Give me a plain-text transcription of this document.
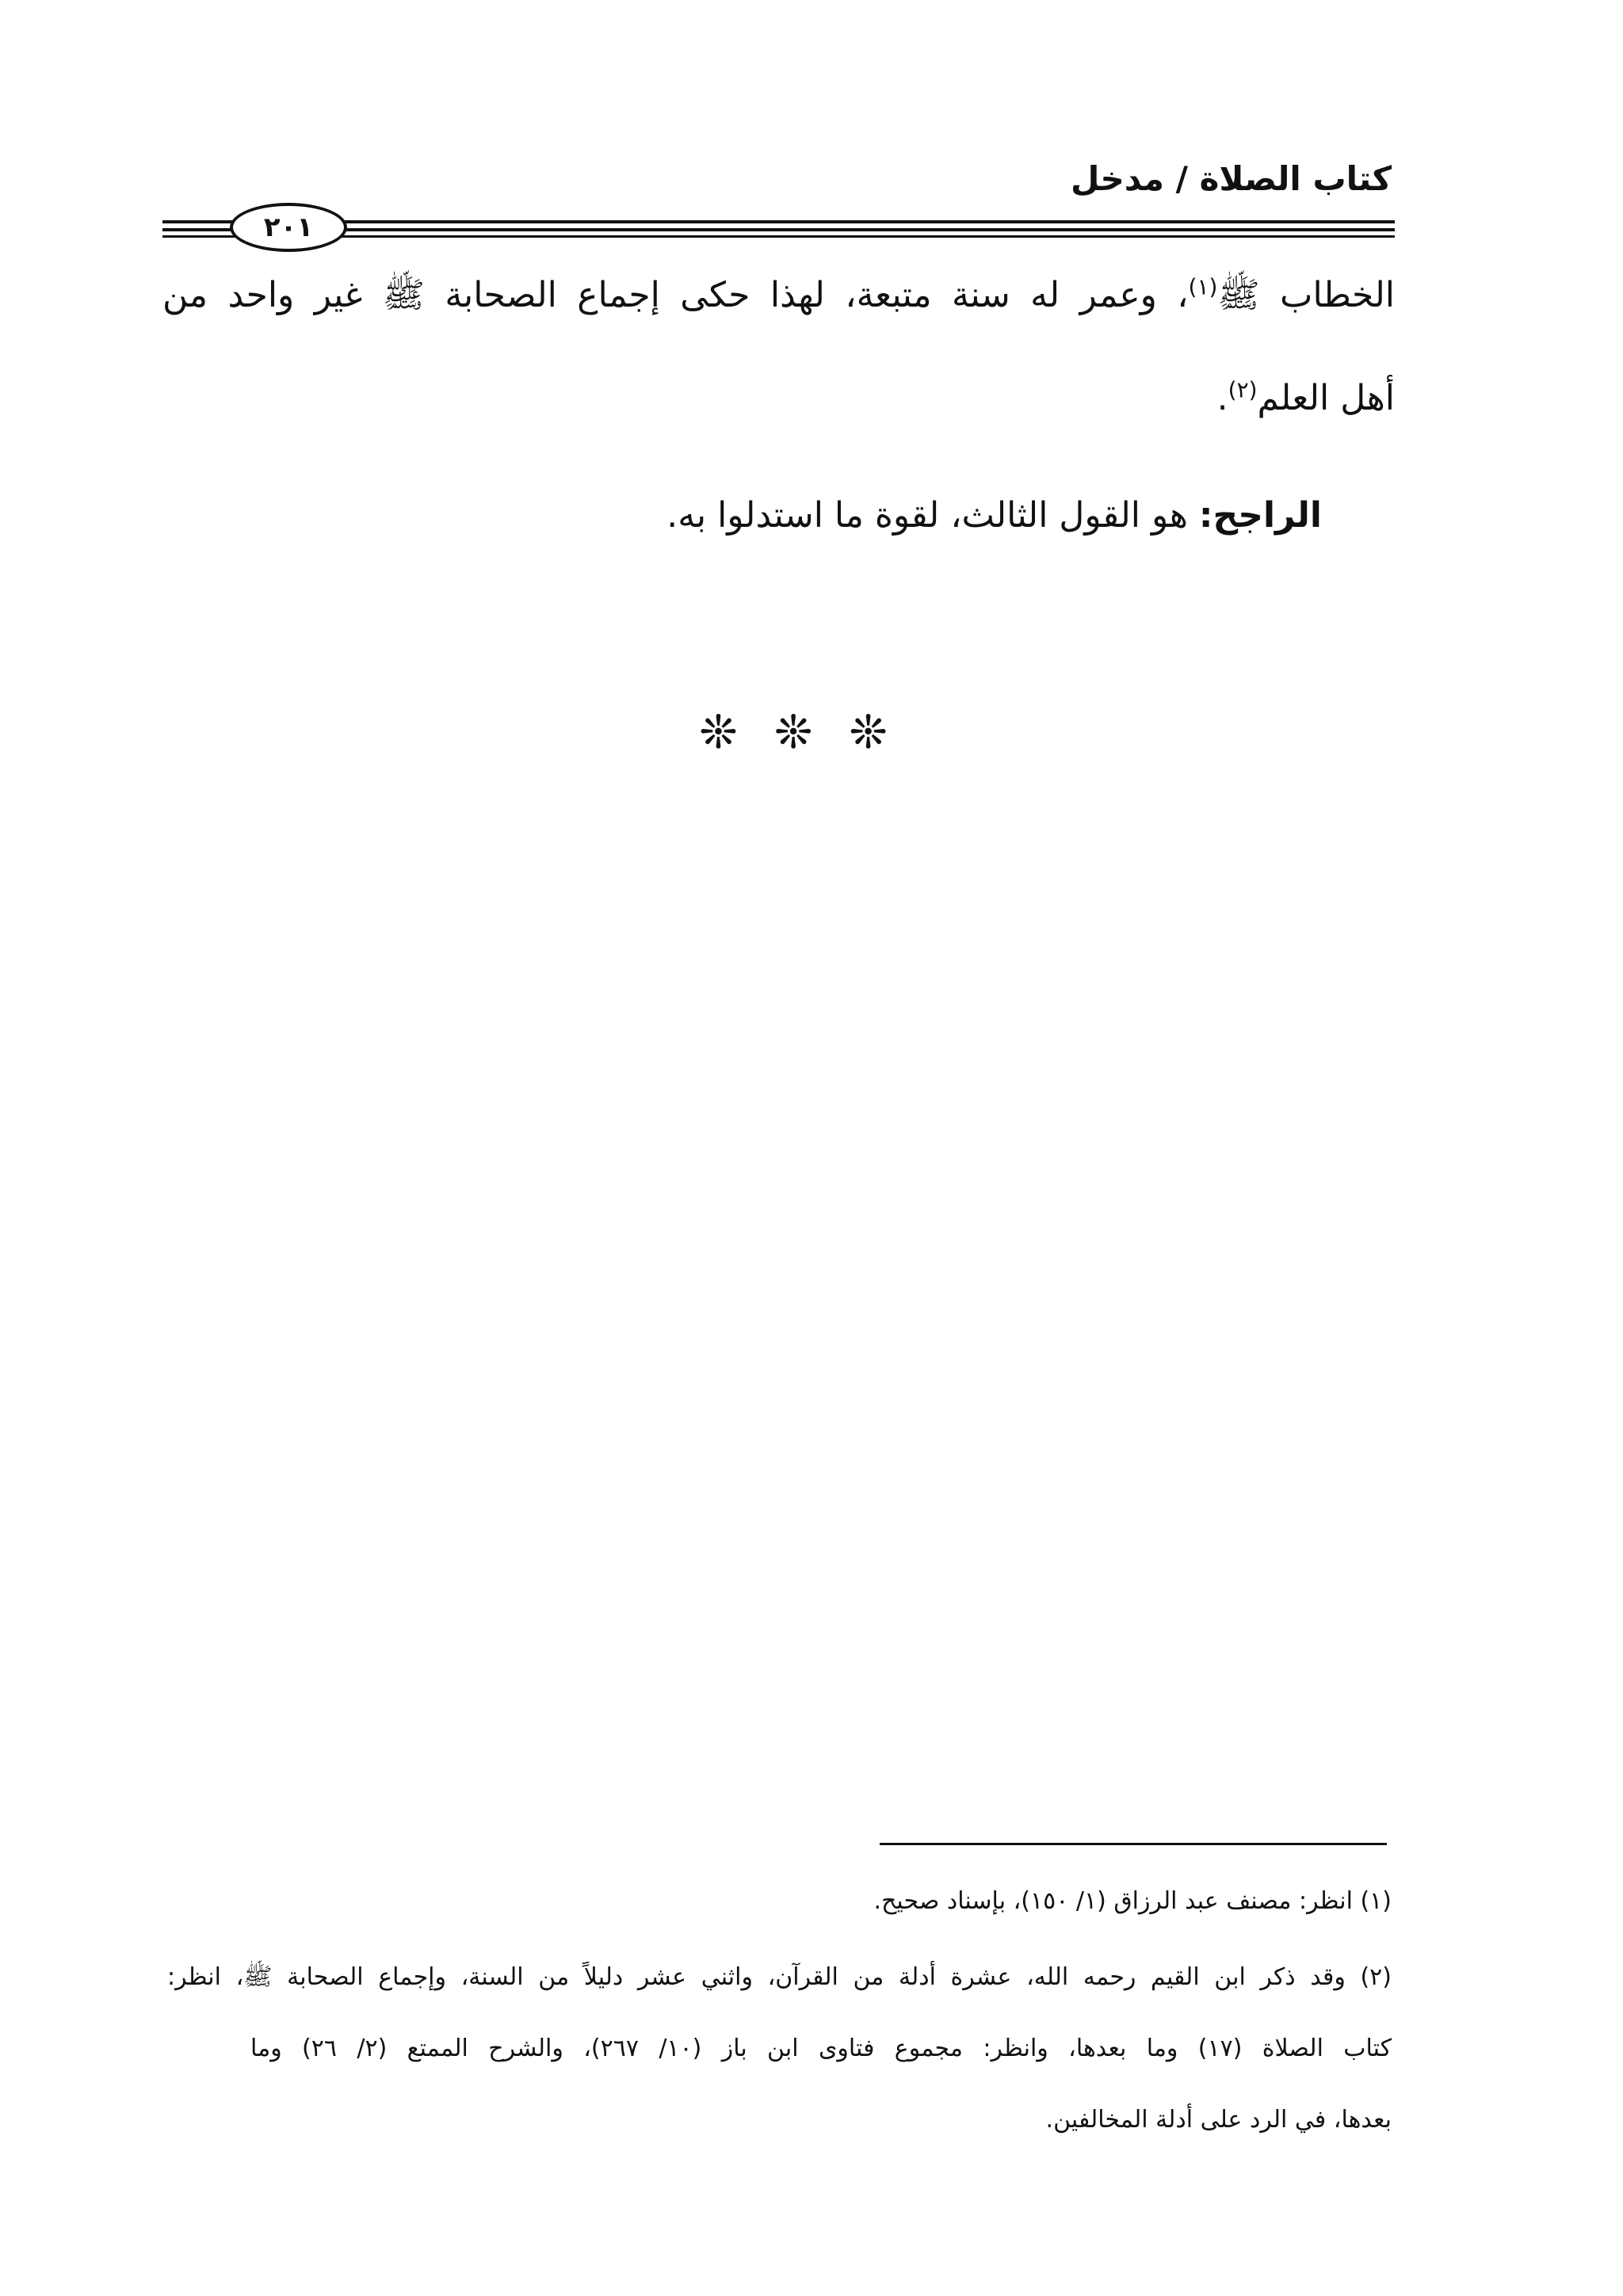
كتاب الصلاة / مدخل
٢٠١
الخطاب ﷺ$^{(١)}$، وعمر له سنة متبعة، لهذا حكى إجماع الصحابة ﷺ غير واحد من
أهل العلم$^{(٢)}$.
الراجح: هو القول الثالث، لقوة ما استدلوا به.
❊❊❊
(١) انظر: مصنف عبد الرزاق (١/ ١٥٠)، بإسناد صحيح.
(٢) وقد ذكر ابن القيم رحمه الله، عشرة أدلة من القرآن، واثني عشر دليلاً من السنة، وإجماع الصحابة ﷺ، انظر:
كتاب الصلاة (١٧) وما بعدها، وانظر: مجموع فتاوى ابن باز (١٠/ ٢٦٧)، والشرح الممتع (٢/ ٢٦) وما
بعدها، في الرد على أدلة المخالفين.
